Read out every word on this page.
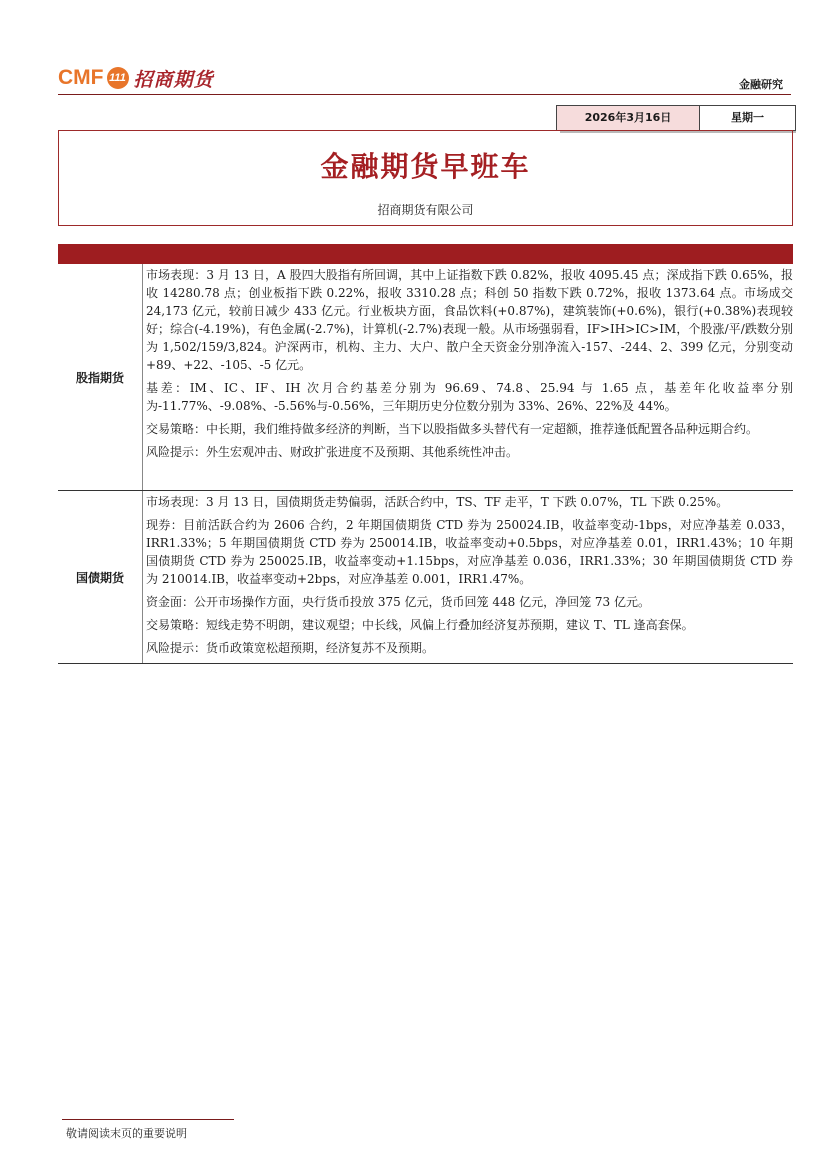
CMF 111 招商期货	金融研究
2026年3月16日	星期一
金融期货早班车
招商期货有限公司
股指期货

市场表现：3 月 13 日，A 股四大股指有所回调，其中上证指数下跌 0.82%，报收 4095.45 点；深成指下跌 0.65%，报收 14280.78 点；创业板指下跌 0.22%，报收 3310.28 点；科创 50 指数下跌 0.72%，报收 1373.64 点。市场成交 24,173 亿元，较前日减少 433 亿元。行业板块方面，食品饮料(+0.87%)，建筑装饰(+0.6%)，银行(+0.38%)表现较好；综合(-4.19%)，有色金属(-2.7%)，计算机(-2.7%)表现一般。从市场强弱看，IF>IH>IC>IM，个股涨/平/跌数分别为 1,502/159/3,824。沪深两市，机构、主力、大户、散户全天资金分别净流入-157、-244、2、399 亿元，分别变动+89、+22、-105、-5 亿元。

基差：IM、IC、IF、IH 次月合约基差分别为 96.69、74.8、25.94 与 1.65 点，基差年化收益率分别为-11.77%、-9.08%、-5.56%与-0.56%，三年期历史分位数分别为 33%、26%、22%及 44%。

交易策略：中长期，我们维持做多经济的判断，当下以股指做多头替代有一定超额，推荐逢低配置各品种远期合约。

风险提示：外生宏观冲击、财政扩张进度不及预期、其他系统性冲击。

国债期货

市场表现：3 月 13 日，国债期货走势偏弱，活跃合约中，TS、TF 走平，T 下跌 0.07%，TL 下跌 0.25%。

现券：目前活跃合约为 2606 合约，2 年期国债期货 CTD 券为 250024.IB，收益率变动-1bps，对应净基差 0.033，IRR1.33%；5 年期国债期货 CTD 券为 250014.IB，收益率变动+0.5bps，对应净基差 0.01，IRR1.43%；10 年期国债期货 CTD 券为 250025.IB，收益率变动+1.15bps，对应净基差 0.036，IRR1.33%；30 年期国债期货 CTD 券为 210014.IB，收益率变动+2bps，对应净基差 0.001，IRR1.47%。

资金面：公开市场操作方面，央行货币投放 375 亿元，货币回笼 448 亿元，净回笼 73 亿元。

交易策略：短线走势不明朗，建议观望；中长线，风偏上行叠加经济复苏预期，建议 T、TL 逢高套保。

风险提示：货币政策宽松超预期，经济复苏不及预期。

敬请阅读末页的重要说明
